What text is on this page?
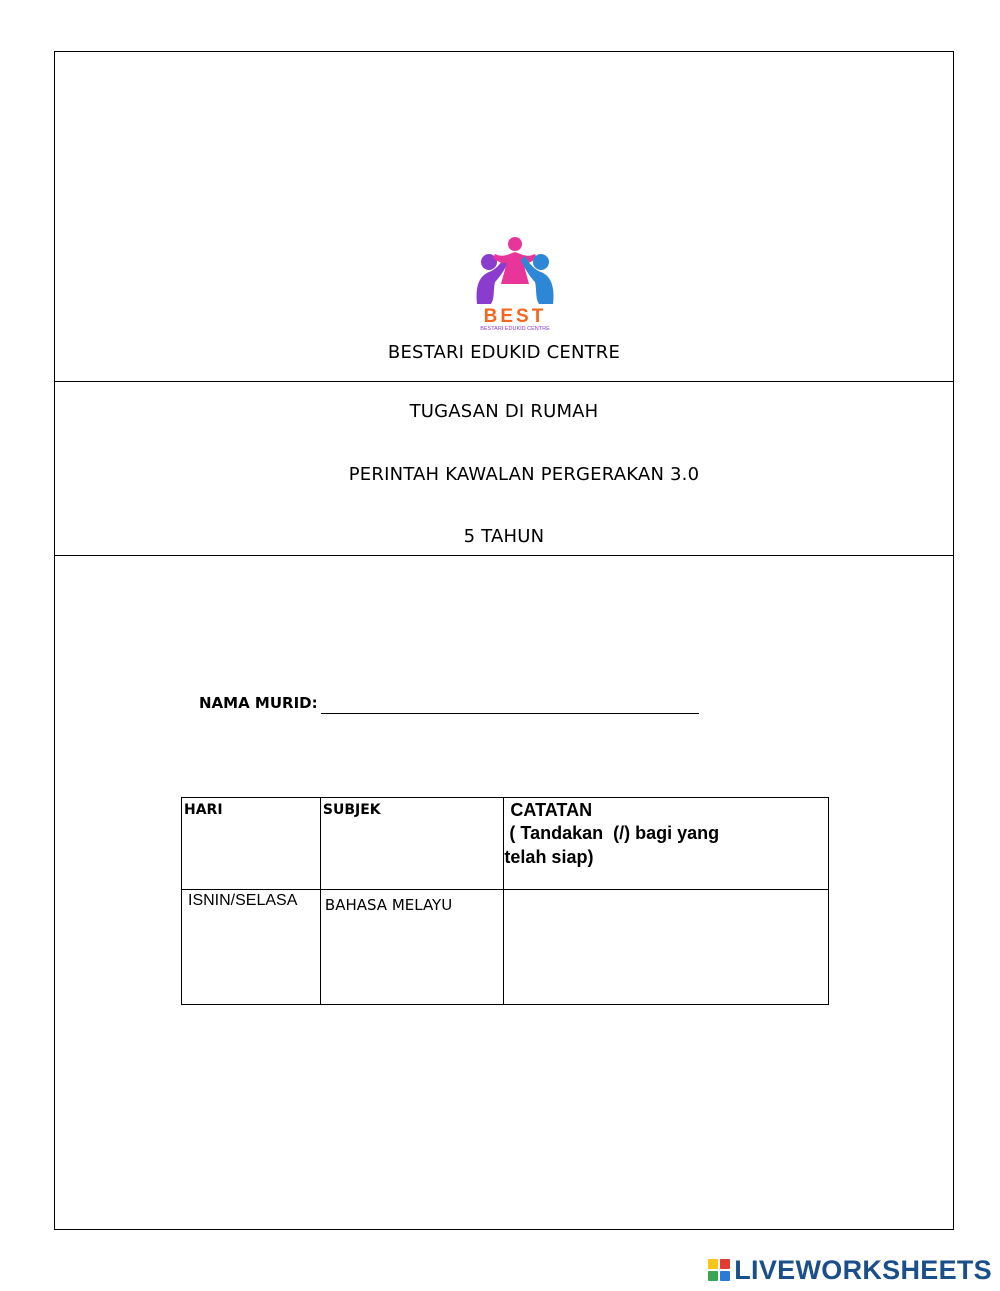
BEST
BESTARI EDUKID CENTRE
BESTARI EDUKID CENTRE
TUGASAN DI RUMAH
PERINTAH KAWALAN PERGERAKAN 3.0
5 TAHUN
NAMA MURID:
HARI	SUBJEK	CATATAN
( Tandakan  (/) bagi yang
telah siap)

ISNIN/SELASA	BAHASA MELAYU	

LIVEWORKSHEETS
